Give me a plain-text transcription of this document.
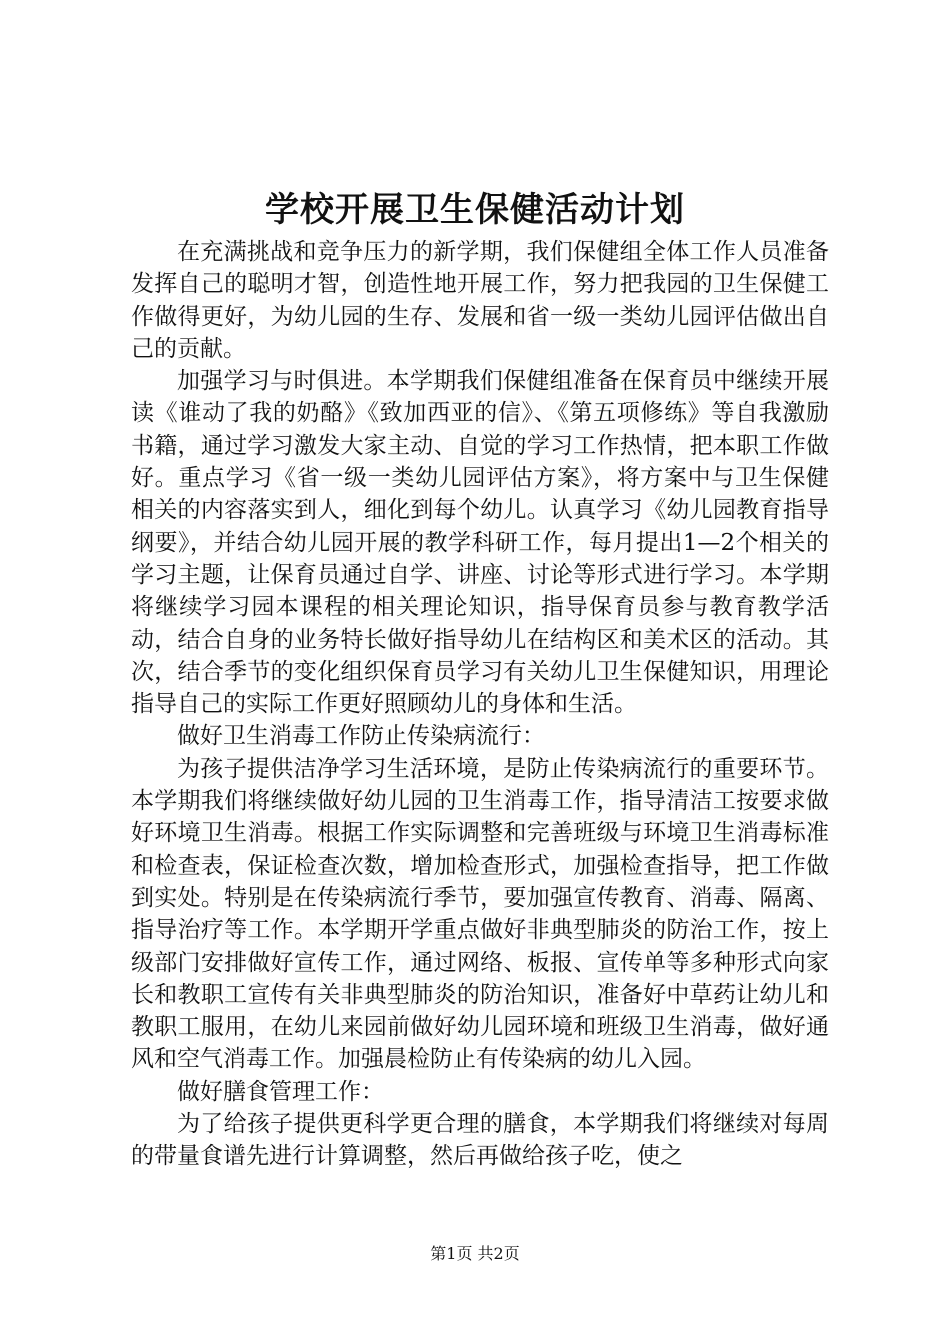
学校开展卫生保健活动计划

在充满挑战和竞争压力的新学期，我们保健组全体工作人员准备发挥自己的聪明才智，创造性地开展工作，努力把我园的卫生保健工作做得更好，为幼儿园的生存、发展和省一级一类幼儿园评估做出自己的贡献。

加强学习与时俱进。本学期我们保健组准备在保育员中继续开展读《谁动了我的奶酪》《致加西亚的信》、《第五项修练》等自我激励书籍，通过学习激发大家主动、自觉的学习工作热情，把本职工作做好。重点学习《省一级一类幼儿园评估方案》，将方案中与卫生保健相关的内容落实到人，细化到每个幼儿。认真学习《幼儿园教育指导纲要》，并结合幼儿园开展的教学科研工作，每月提出1—2个相关的学习主题，让保育员通过自学、讲座、讨论等形式进行学习。本学期将继续学习园本课程的相关理论知识，指导保育员参与教育教学活动，结合自身的业务特长做好指导幼儿在结构区和美术区的活动。其次，结合季节的变化组织保育员学习有关幼儿卫生保健知识，用理论指导自己的实际工作更好照顾幼儿的身体和生活。

做好卫生消毒工作防止传染病流行：

为孩子提供洁净学习生活环境，是防止传染病流行的重要环节。本学期我们将继续做好幼儿园的卫生消毒工作，指导清洁工按要求做好环境卫生消毒。根据工作实际调整和完善班级与环境卫生消毒标准和检查表，保证检查次数，增加检查形式，加强检查指导，把工作做到实处。特别是在传染病流行季节，要加强宣传教育、消毒、隔离、指导治疗等工作。本学期开学重点做好非典型肺炎的防治工作，按上级部门安排做好宣传工作，通过网络、板报、宣传单等多种形式向家长和教职工宣传有关非典型肺炎的防治知识，准备好中草药让幼儿和教职工服用，在幼儿来园前做好幼儿园环境和班级卫生消毒，做好通风和空气消毒工作。加强晨检防止有传染病的幼儿入园。

做好膳食管理工作：

为了给孩子提供更科学更合理的膳食，本学期我们将继续对每周的带量食谱先进行计算调整，然后再做给孩子吃，使之

第1页 共2页
